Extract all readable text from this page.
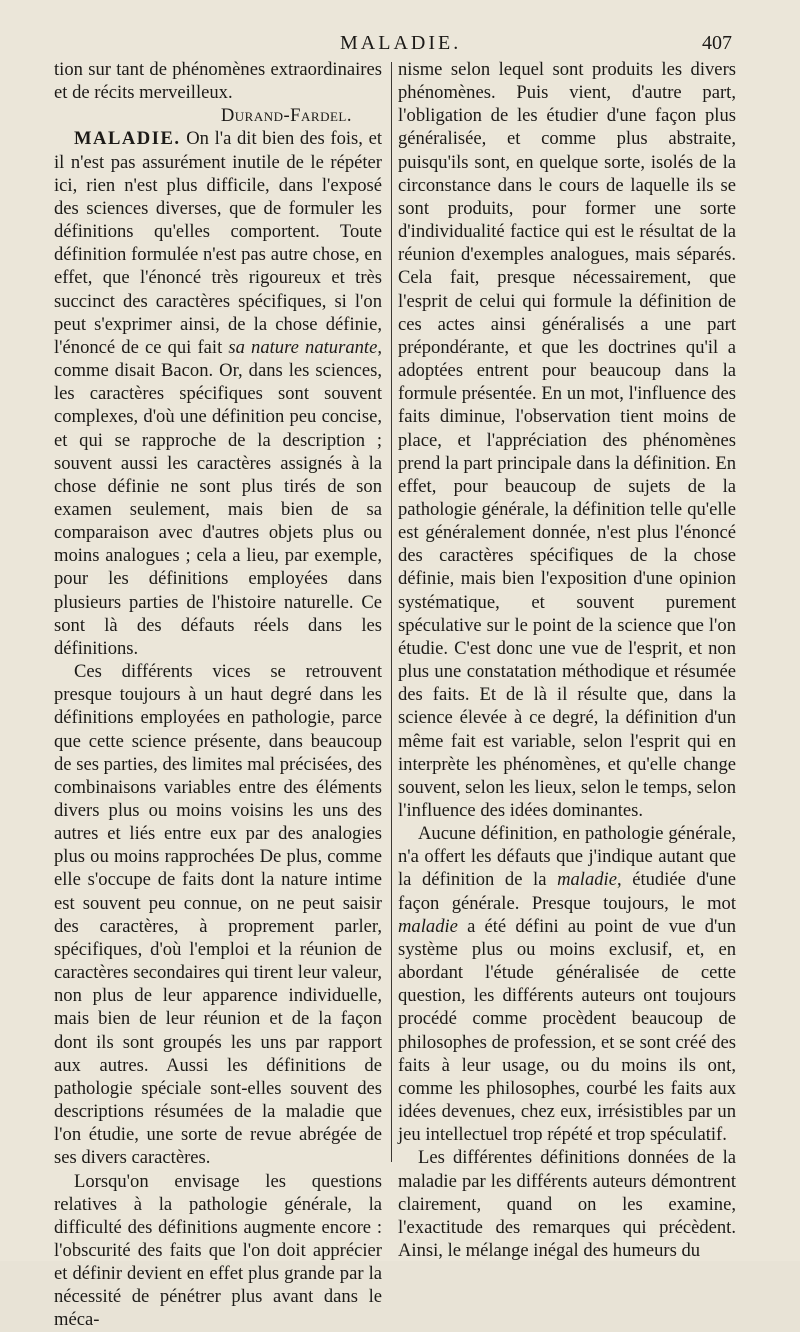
MALADIE.	407

tion sur tant de phénomènes extraordinaires et de récits merveilleux.

Durand-Fardel.

MALADIE. On l'a dit bien des fois, et il n'est pas assurément inutile de le répéter ici, rien n'est plus difficile, dans l'exposé des sciences diverses, que de formuler les définitions qu'elles comportent. Toute définition formulée n'est pas autre chose, en effet, que l'énoncé très rigoureux et très succinct des caractères spécifiques, si l'on peut s'exprimer ainsi, de la chose définie, l'énoncé de ce qui fait sa nature naturante, comme disait Bacon. Or, dans les sciences, les caractères spécifiques sont souvent complexes, d'où une définition peu concise, et qui se rapproche de la description ; souvent aussi les caractères assignés à la chose définie ne sont plus tirés de son examen seulement, mais bien de sa comparaison avec d'autres objets plus ou moins analogues ; cela a lieu, par exemple, pour les définitions employées dans plusieurs parties de l'histoire naturelle. Ce sont là des défauts réels dans les définitions.

Ces différents vices se retrouvent presque toujours à un haut degré dans les définitions employées en pathologie, parce que cette science présente, dans beaucoup de ses parties, des limites mal précisées, des combinaisons variables entre des éléments divers plus ou moins voisins les uns des autres et liés entre eux par des analogies plus ou moins rapprochées De plus, comme elle s'occupe de faits dont la nature intime est souvent peu connue, on ne peut saisir des caractères, à proprement parler, spécifiques, d'où l'emploi et la réunion de caractères secondaires qui tirent leur valeur, non plus de leur apparence individuelle, mais bien de leur réunion et de la façon dont ils sont groupés les uns par rapport aux autres. Aussi les définitions de pathologie spéciale sont-elles souvent des descriptions résumées de la maladie que l'on étudie, une sorte de revue abrégée de ses divers caractères.

Lorsqu'on envisage les questions relatives à la pathologie générale, la difficulté des définitions augmente encore : l'obscurité des faits que l'on doit apprécier et définir devient en effet plus grande par la nécessité de pénétrer plus avant dans le méca-

nisme selon lequel sont produits les divers phénomènes. Puis vient, d'autre part, l'obligation de les étudier d'une façon plus généralisée, et comme plus abstraite, puisqu'ils sont, en quelque sorte, isolés de la circonstance dans le cours de laquelle ils se sont produits, pour former une sorte d'individualité factice qui est le résultat de la réunion d'exemples analogues, mais séparés. Cela fait, presque nécessairement, que l'esprit de celui qui formule la définition de ces actes ainsi généralisés a une part prépondérante, et que les doctrines qu'il a adoptées entrent pour beaucoup dans la formule présentée. En un mot, l'influence des faits diminue, l'observation tient moins de place, et l'appréciation des phénomènes prend la part principale dans la définition. En effet, pour beaucoup de sujets de la pathologie générale, la définition telle qu'elle est généralement donnée, n'est plus l'énoncé des caractères spécifiques de la chose définie, mais bien l'exposition d'une opinion systématique, et souvent purement spéculative sur le point de la science que l'on étudie. C'est donc une vue de l'esprit, et non plus une constatation méthodique et résumée des faits. Et de là il résulte que, dans la science élevée à ce degré, la définition d'un même fait est variable, selon l'esprit qui en interprète les phénomènes, et qu'elle change souvent, selon les lieux, selon le temps, selon l'influence des idées dominantes.

Aucune définition, en pathologie générale, n'a offert les défauts que j'indique autant que la définition de la maladie, étudiée d'une façon générale. Presque toujours, le mot maladie a été défini au point de vue d'un système plus ou moins exclusif, et, en abordant l'étude généralisée de cette question, les différents auteurs ont toujours procédé comme procèdent beaucoup de philosophes de profession, et se sont créé des faits à leur usage, ou du moins ils ont, comme les philosophes, courbé les faits aux idées devenues, chez eux, irrésistibles par un jeu intellectuel trop répété et trop spéculatif.

Les différentes définitions données de la maladie par les différents auteurs démontrent clairement, quand on les examine, l'exactitude des remarques qui précèdent. Ainsi, le mélange inégal des humeurs du
